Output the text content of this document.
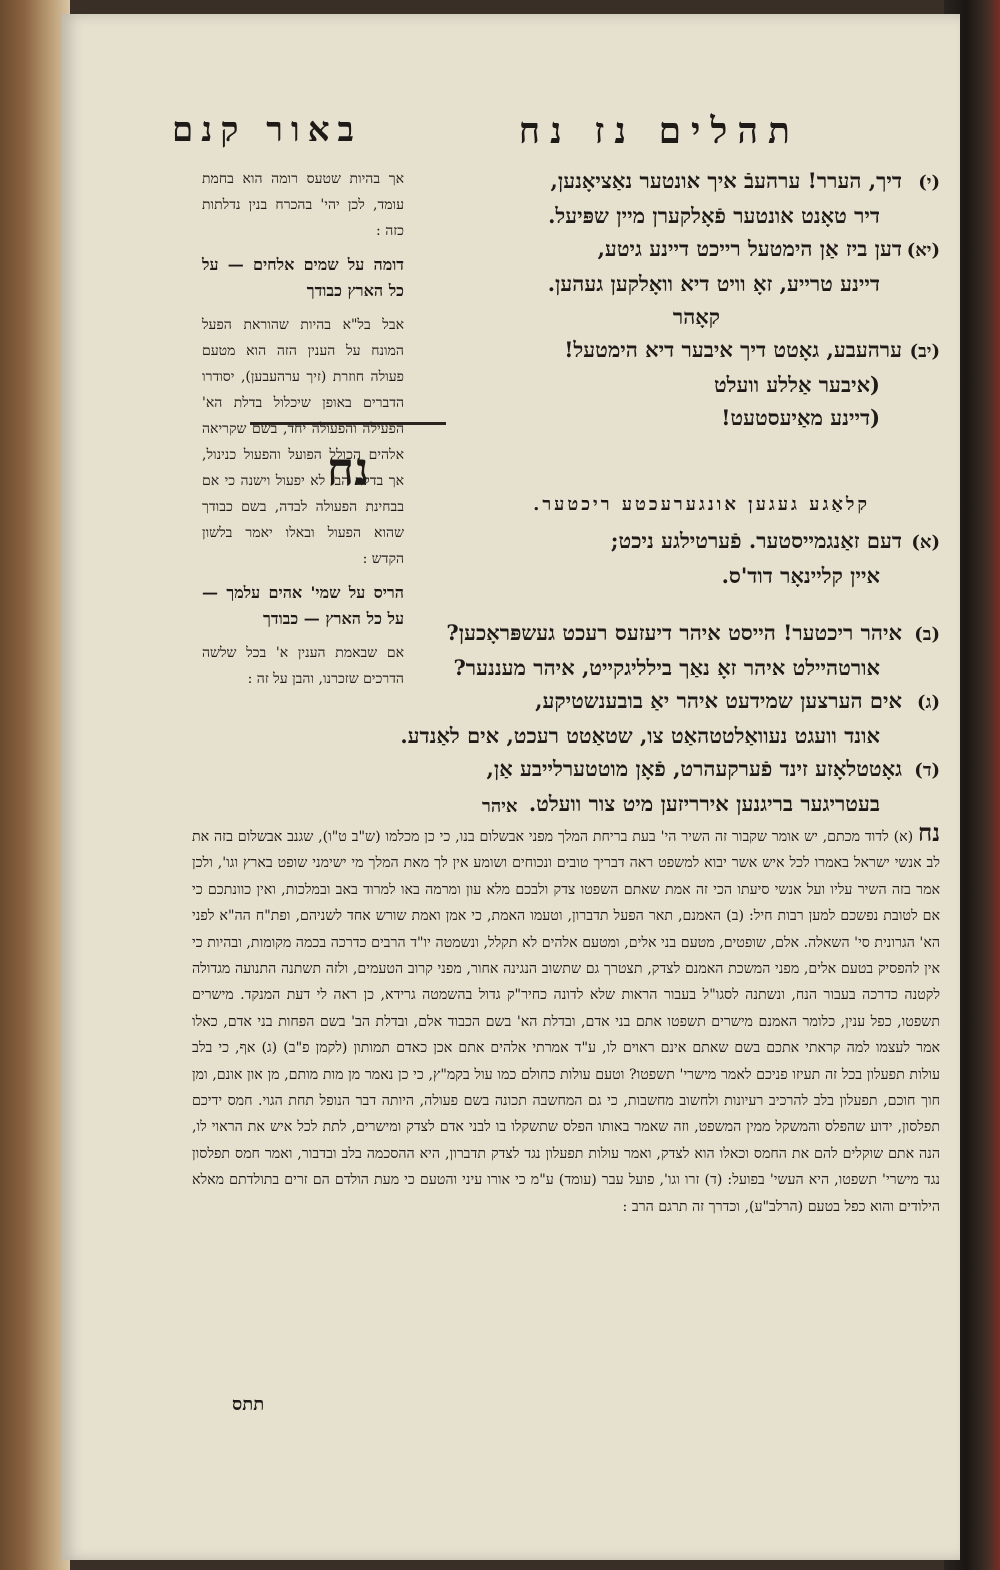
באור קנם	תהלים נז נח
(י)דיך, הערר! ערהעבֿ איך אונטער נאַציאָנען,
דיר טאָנט אונטער פֿאָלקערן מיין שפּיעל.
(יא)דען ביז אַן הימטעל רייכט דיינע גיטע,
דיינע טרייע, זאָ וויט דיא וואָלקען געהען.
קאָהר
(יב)ערהעבע, גאָטט דיך איבער דיא הימטעל!
(איבער אַללע וועלט
(דיינע מאַיעסטעט!
נח
קלאַגע געגען אונגערעכטע ריכטער.
(א)דעם זאַנגמייסטער. פֿערטילגע ניכט;
איין קליינאָר דוד'ס.
(ב)איהר ריכטער! הייסט איהר דיעזעס רעכט געשפּראָכען?
אורטהיילט איהר זאָ נאַך בילליגקייט, איהר מעננער?
(ג)אים הערצען שמידעט איהר יאַ בובענשטיקע,
אונד וועגט נעוואַלטטהאַט צו, שטאַטט רעכט, אים לאַנדע.
(ד)גאָטטלאָזע זינד פֿערקעהרט, פֿאָן מוטטערלייבע אַן,
בעטריגער בריגנען אירריזען מיט צור וועלט.
איהר

אך בהיות שטעס רומה הוא בחמת עומד, לכן יהי' בהכרח בנין נדלתות כזה :

דומה על שמים אלחים — על כל הארץ כבודך

אבל בל"א בהיות שהוראת הפעל המונח על הענין הזה הוא מטעם פעולה חוזרת (זיך ערהעבען), יסודרו הדברים באופן שיכלול בדלת הא' הפעילה והפעולה יחד, בשם שקריאה אלהים הכולל הפועל והפעול כנינול, אך בדלת הב' לא יפעול וישנה כי אם בבחינת הפעולה לבדה, בשם כבודך שהוא הפעול ובאלו יאמר בלשון הקדש :

הריס על שמי' אהים עלמך — על כל הארץ — כבודך

אם שבאמת הענין א' בכל שלשה הדרכים שזכרנו, והבן על זה :

נח (א) לדוד מכתם, יש אומר שקבור זה השיר הי' בעת בריחת המלך מפני אבשלום בנו, כי כן מכלמו (ש"ב ט"ו), שגנב אבשלום בזה את לב אנשי ישראל באמרו לכל איש אשר יבוא למשפט ראה דבריך טובים ונכוחים ושומע אין לך מאת המלך מי ישימני שופט בארץ וגו', ולכן אמר בזה השיר עליו ועל אנשי סיעתו הכי זה אמת שאתם השפטו צדק ולבכם מלא עון ומרמה באו למרוד באב ובמלכות, ואין כוונתכם כי אם לטובת נפשכם למען רבות חיל: (ב) האמנם, תאר הפעל תדברון, וטעמו האמת, כי אמן ואמת שורש אחד לשניהם, ופת"ח הה"א לפני הא' הגרונית סי' השאלה. אלם, שופטים, מטעם בני אלים, ומטעם אלהים לא תקלל, ונשמטה יו"ד הרבים כדרכה בכמה מקומות, ובהיות כי אין להפסיק בטעם אלים, מפני המשכת האמנם לצדק, תצטרך גם שתשוב הנגינה אחור, מפני קרוב הטעמים, ולזה תשתנה התנועה מגדולה לקטנה כדרכה בעבור הנח, ונשתנה לסגו"ל בעבור הראות שלא לדונה כחיר"ק גדול בהשמטה גרידא, כן ראה לי דעת המנקד. מישרים תשפטו, כפל ענין, כלומר האמנם מישרים תשפטו אתם בני אדם, ובדלת הא' בשם הכבוד אלם, ובדלת הב' בשם הפחות בני אדם, כאלו אמר לעצמו למה קראתי אתכם בשם שאתם אינם ראוים לו, ע"ד אמרתי אלהים אתם אכן כאדם תמותון (לקמן פ"ב) (ג) אף, כי בלב עולות תפעלון בכל זה תעיזו פניכם לאמר מישרי' תשפטו? וטעם עולות כחולם כמו עול בקמ"ץ, כי כן נאמר מן מות מותם, מן און אונם, ומן חוך חוכם, תפעלון בלב להרכיב רעיונות ולחשוב מחשבות, כי גם המחשבה תכונה בשם פעולה, היותה דבר הנופל תחת הגוי. חמס ידיכם תפלסון, ידוע שהפלס והמשקל ממין המשפט, וזה שאמר באותו הפלס שתשקלו בו לבני אדם לצדק ומישרים, לתת לכל איש את הראוי לו, הנה אתם שוקלים להם את החמס וכאלו הוא לצדק, ואמר עולות תפעלון נגד לצדק תדברון, היא ההסכמה בלב ובדבור, ואמר חמס תפלסון נגד מישרי' תשפטו, היא העשי' בפועל: (ד) זרו וגו', פועל עבר (עומד) ע"מ כי אורו עיני והטעם כי מעת הולדם הם זרים בתולדתם מאלא הילודים והוא כפל בטעם (הרלב"ע), וכדרך זה תרגם הרב :
תתס
